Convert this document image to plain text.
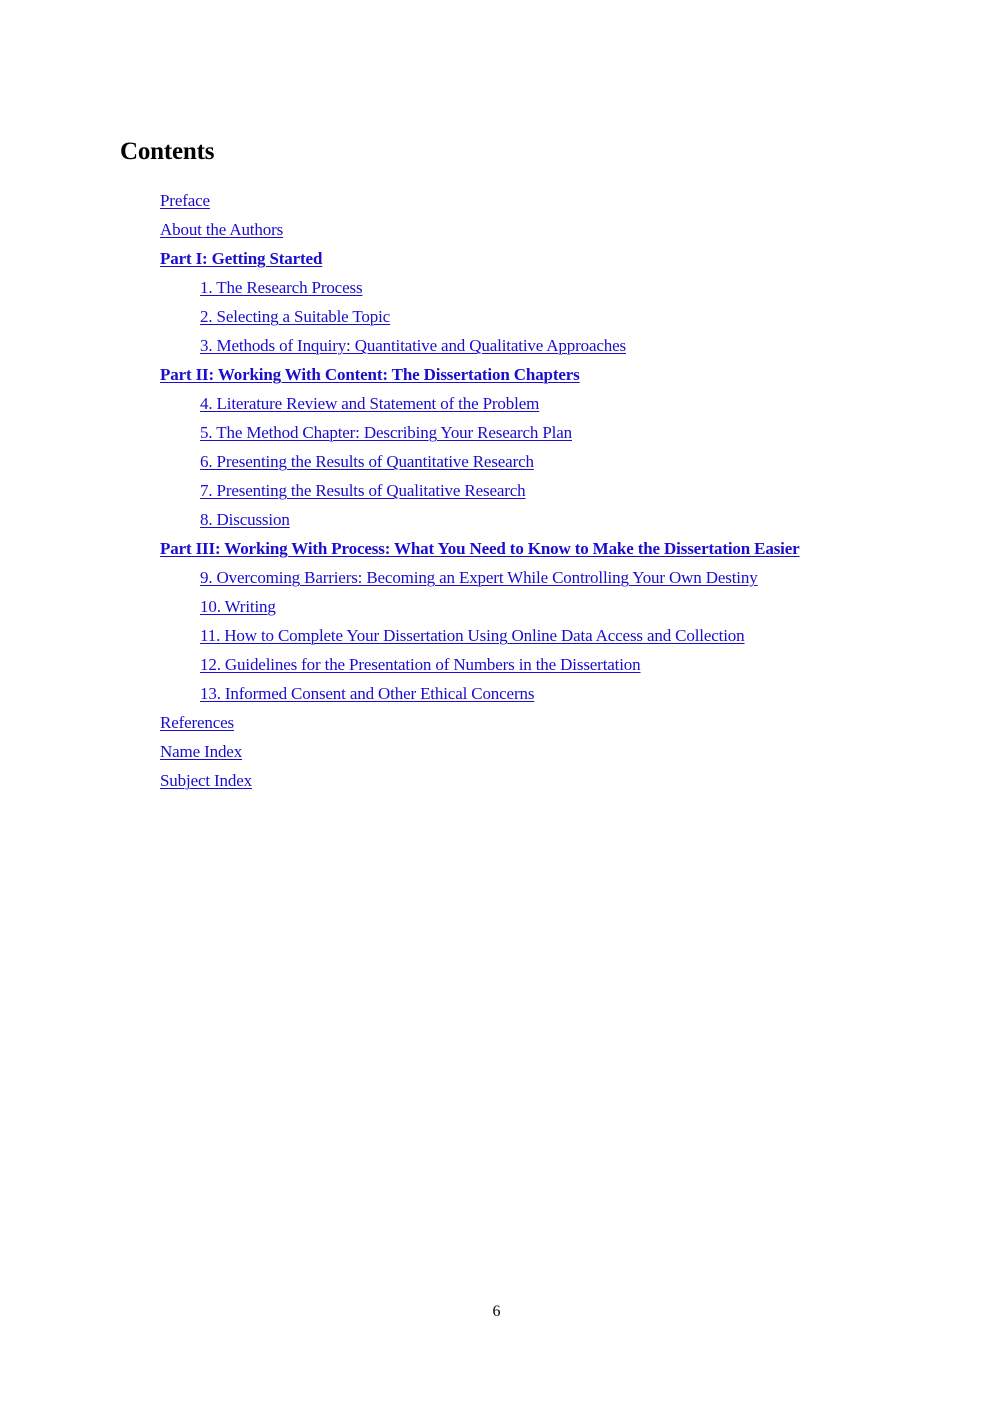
Contents
Preface
About the Authors
Part I: Getting Started
1. The Research Process
2. Selecting a Suitable Topic
3. Methods of Inquiry: Quantitative and Qualitative Approaches
Part II: Working With Content: The Dissertation Chapters
4. Literature Review and Statement of the Problem
5. The Method Chapter: Describing Your Research Plan
6. Presenting the Results of Quantitative Research
7. Presenting the Results of Qualitative Research
8. Discussion
Part III: Working With Process: What You Need to Know to Make the Dissertation Easier
9. Overcoming Barriers: Becoming an Expert While Controlling Your Own Destiny
10. Writing
11. How to Complete Your Dissertation Using Online Data Access and Collection
12. Guidelines for the Presentation of Numbers in the Dissertation
13. Informed Consent and Other Ethical Concerns
References
Name Index
Subject Index
6
